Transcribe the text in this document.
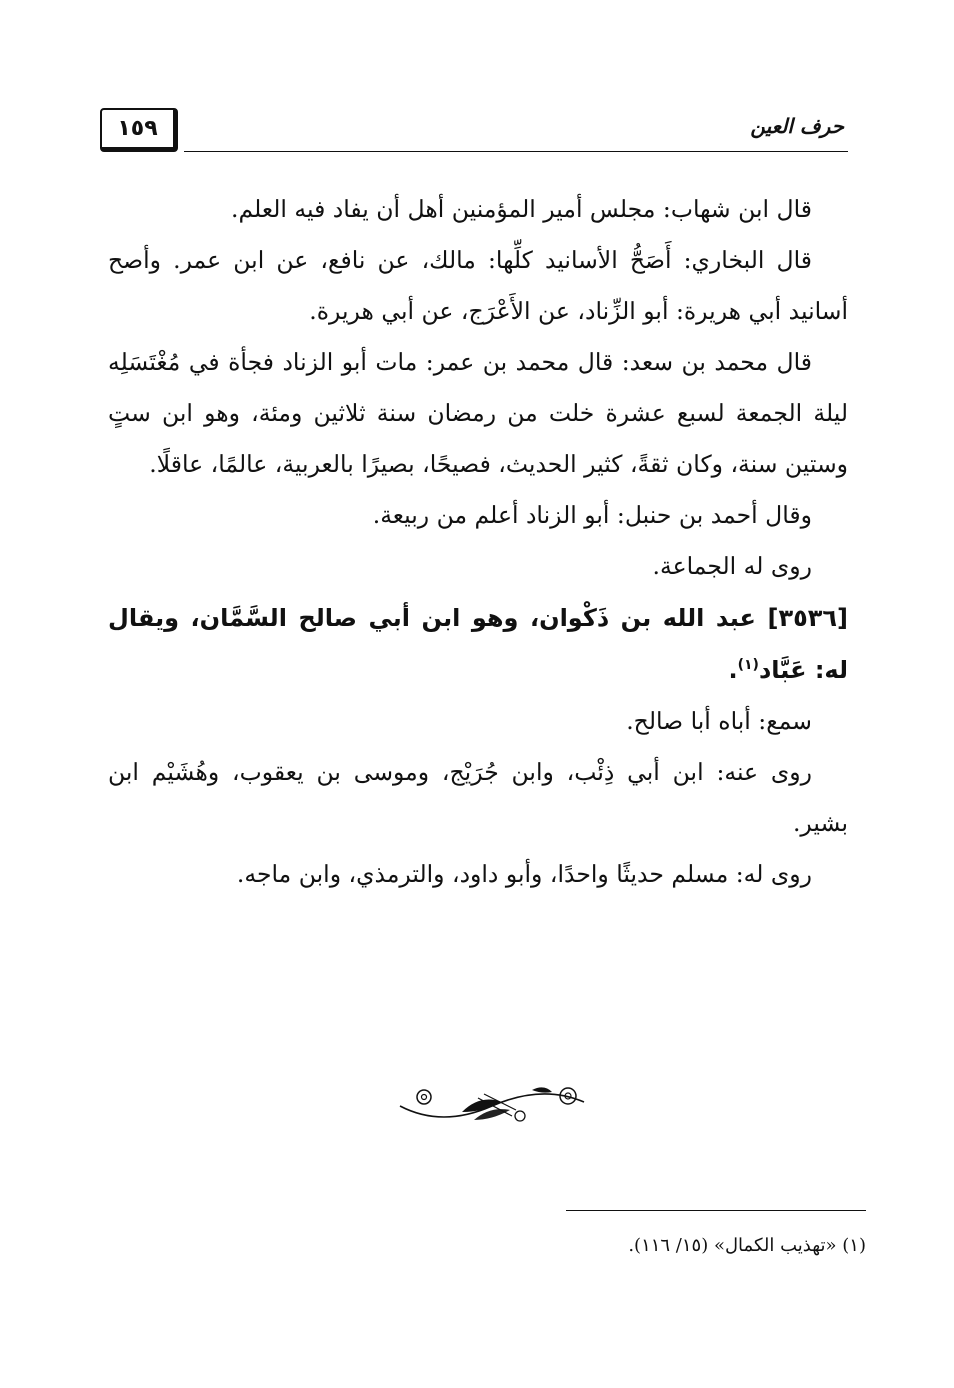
١٥٩	حرف العين

قال ابن شهاب: مجلس أمير المؤمنين أهل أن يفاد فيه العلم.

قال البخاري: أَصَحُّ الأسانيد كلِّها: مالك، عن نافع، عن ابن عمر. وأصح أسانيد أبي هريرة: أبو الزِّناد، عن الأَعْرَج، عن أبي هريرة.

قال محمد بن سعد: قال محمد بن عمر: مات أبو الزناد فجأة في مُغْتَسَلِه ليلة الجمعة لسبع عشرة خلت من رمضان سنة ثلاثين ومئة، وهو ابن ستٍ وستين سنة، وكان ثقةً، كثير الحديث، فصيحًا، بصيرًا بالعربية، عالمًا، عاقلًا.

وقال أحمد بن حنبل: أبو الزناد أعلم من ربيعة.

روى له الجماعة.

[٣٥٣٦] عبد الله بن ذَكْوان، وهو ابن أبي صالح السَّمَّان، ويقال له: عَبَّاد$^{(١)}$.

سمع: أباه أبا صالح.

روى عنه: ابن أبي ذِئْب، وابن جُرَيْج، وموسى بن يعقوب، وهُشَيْم ابن بشير.

روى له: مسلم حديثًا واحدًا، وأبو داود، والترمذي، وابن ماجه.

(١) «تهذيب الكمال» (١٥/ ١١٦).
